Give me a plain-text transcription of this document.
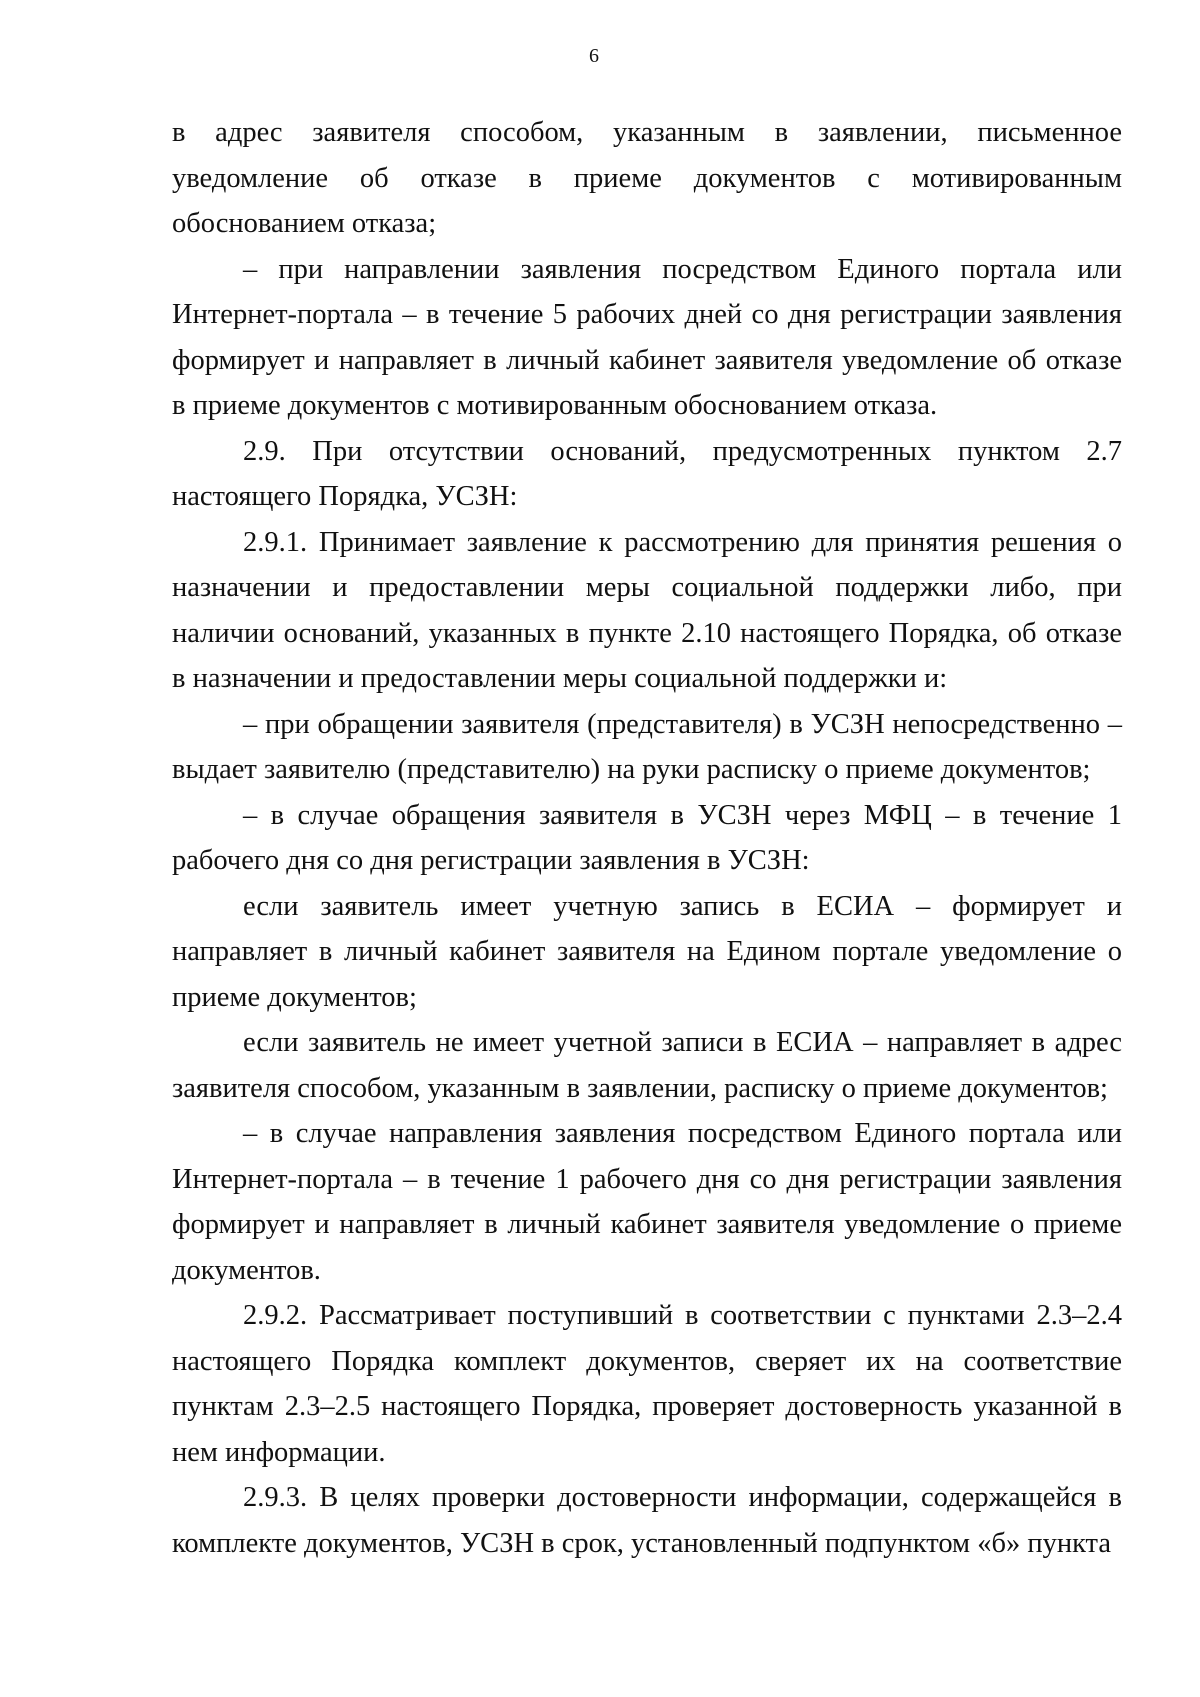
6

в адрес заявителя способом, указанным в заявлении, письменное уведомление об отказе в приеме документов с мотивированным обоснованием отказа;

– при направлении заявления посредством Единого портала или Интернет-портала – в течение 5 рабочих дней со дня регистрации заявления формирует и направляет в личный кабинет заявителя уведомление об отказе в приеме документов с мотивированным обоснованием отказа.

2.9. При отсутствии оснований, предусмотренных пунктом 2.7 настоящего Порядка, УСЗН:

2.9.1. Принимает заявление к рассмотрению для принятия решения о назначении и предоставлении меры социальной поддержки либо, при наличии оснований, указанных в пункте 2.10 настоящего Порядка, об отказе в назначении и предоставлении меры социальной поддержки и:

– при обращении заявителя (представителя) в УСЗН непосредственно – выдает заявителю (представителю) на руки расписку о приеме документов;

– в случае обращения заявителя в УСЗН через МФЦ – в течение 1 рабочего дня со дня регистрации заявления в УСЗН:

если заявитель имеет учетную запись в ЕСИА – формирует и направляет в личный кабинет заявителя на Едином портале уведомление о приеме документов;

если заявитель не имеет учетной записи в ЕСИА – направляет в адрес заявителя способом, указанным в заявлении, расписку о приеме документов;

– в случае направления заявления посредством Единого портала или Интернет-портала – в течение 1 рабочего дня со дня регистрации заявления формирует и направляет в личный кабинет заявителя уведомление о приеме документов.

2.9.2. Рассматривает поступивший в соответствии с пунктами 2.3–2.4 настоящего Порядка комплект документов, сверяет их на соответствие пунктам 2.3–2.5 настоящего Порядка, проверяет достоверность указанной в нем информации.

2.9.3. В целях проверки достоверности информации, содержащейся в комплекте документов, УСЗН в срок, установленный подпунктом «б» пункта
